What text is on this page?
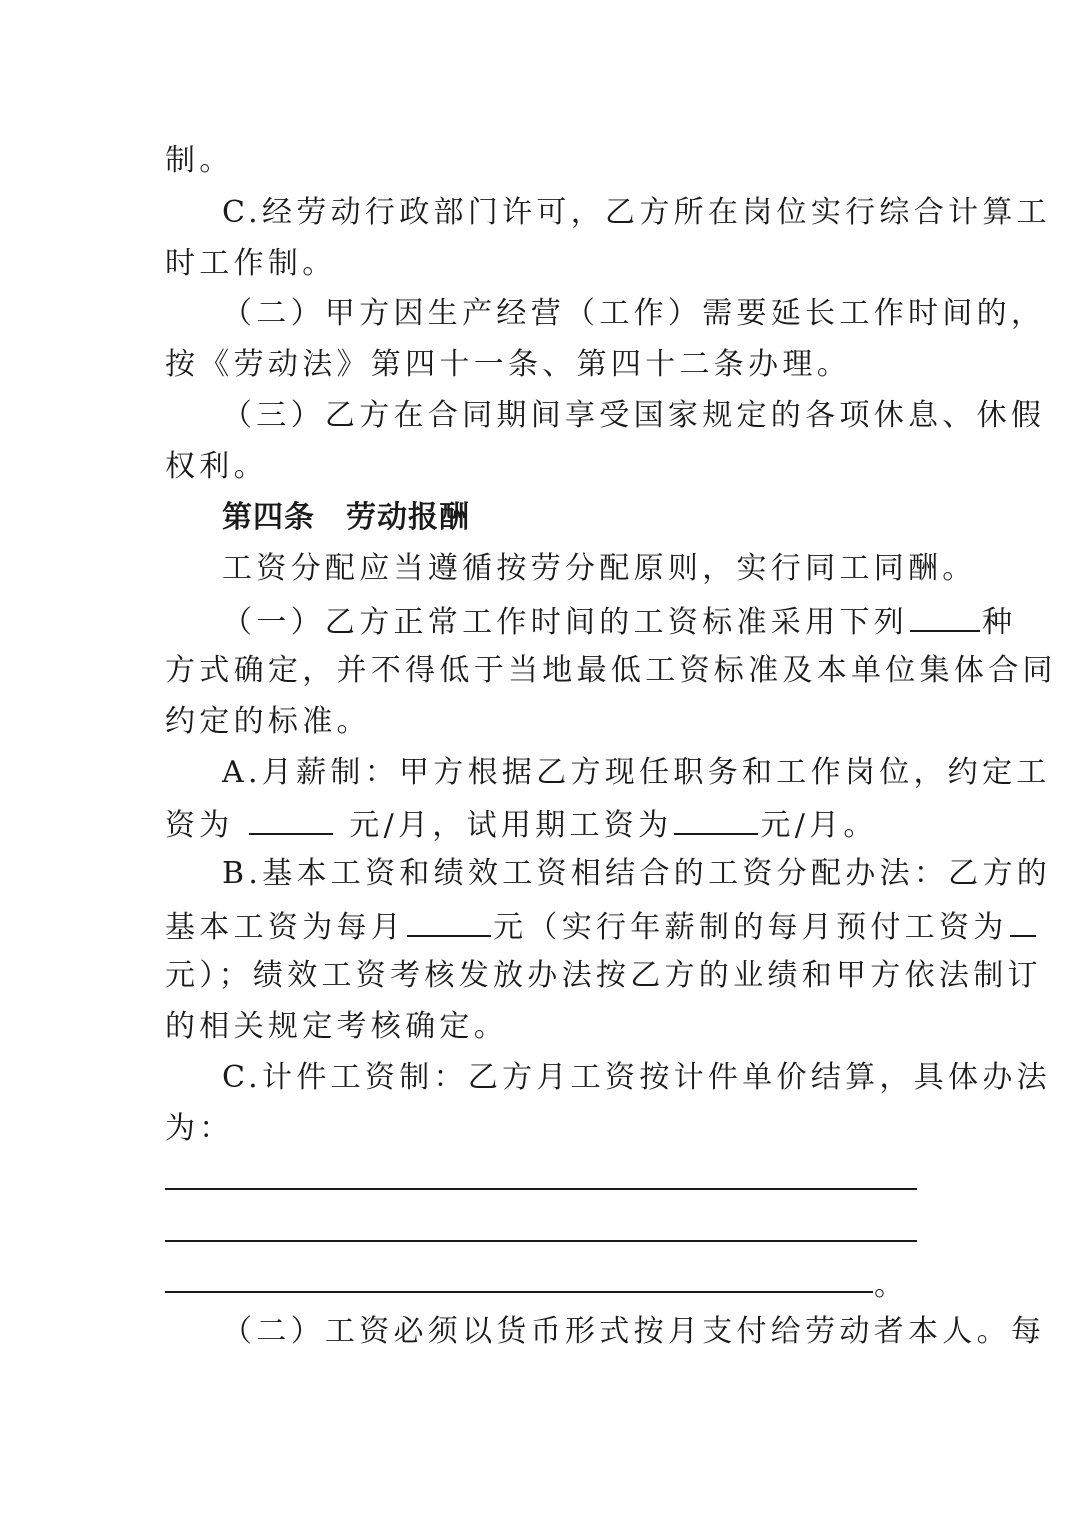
制。
C.经劳动行政部门许可，乙方所在岗位实行综合计算工
时工作制。
（二）甲方因生产经营（工作）需要延长工作时间的，
按《劳动法》第四十一条、第四十二条办理。
（三）乙方在合同期间享受国家规定的各项休息、休假
权利。
第四条　劳动报酬
工资分配应当遵循按劳分配原则，实行同工同酬。
（一）乙方正常工作时间的工资标准采用下列 种
方式确定，并不得低于当地最低工资标准及本单位集体合同
约定的标准。
A.月薪制：甲方根据乙方现任职务和工作岗位，约定工
资为	元/月，试用期工资为	元/月。
B.基本工资和绩效工资相结合的工资分配办法：乙方的
基本工资为每月	元（实行年薪制的每月预付工资为
元）；绩效工资考核发放办法按乙方的业绩和甲方依法制订
的相关规定考核确定。
C.计件工资制：乙方月工资按计件单价结算，具体办法
为：
。
（二）工资必须以货币形式按月支付给劳动者本人。每
